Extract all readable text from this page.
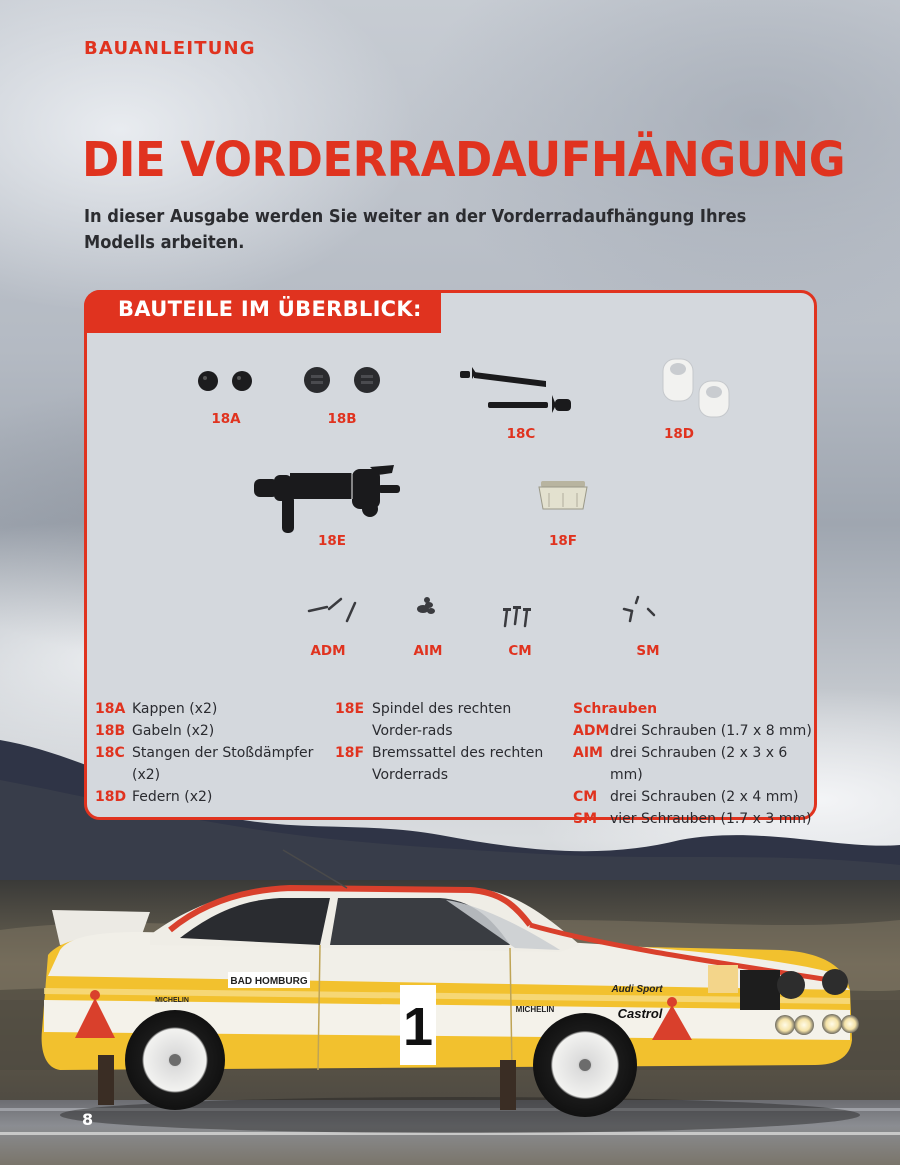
1
BAD HOMBURG
MICHELIN
MICHELIN
Audi Sport
Castrol
BAUANLEITUNG
DIE VORDERRADAUFHÄNGUNG

In dieser Ausgabe werden Sie weiter an der Vorderradaufhängung Ihres Modells arbeiten.

BAUTEILE IM ÜBERBLICK:
18A	18B
18C	18D
18E	18F
ADM	AIM	CM	SM
18A Kappen (x2)
18B Gabeln (x2)
18C Stangen der Stoßdämpfer (x2)
18D Federn (x2)
18E Spindel des rechten Vorder-rads
18F Bremssattel des rechten Vorderrads
Schrauben
ADM drei Schrauben (1.7 x 8 mm)
AIM drei Schrauben (2 x 3 x 6 mm)
CM drei Schrauben (2 x 4 mm)
SM vier Schrauben (1.7 x 3 mm)
8
